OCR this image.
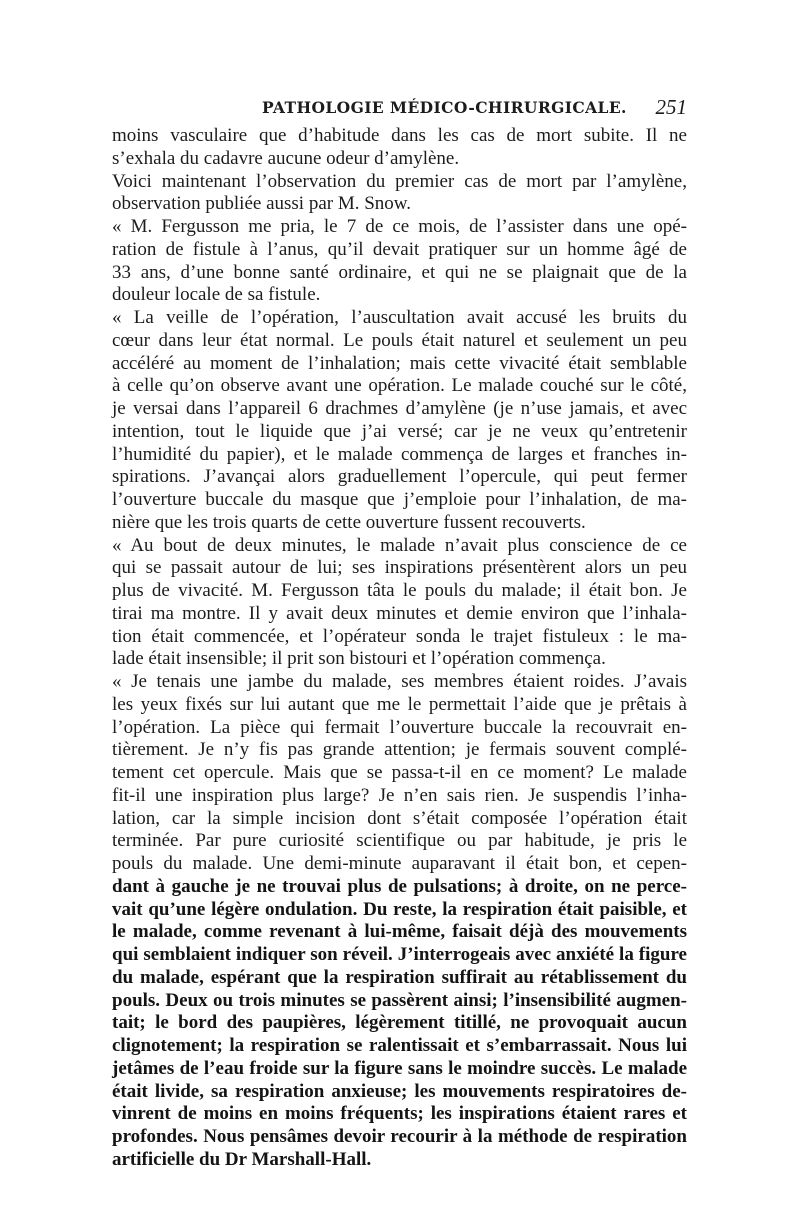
PATHOLOGIE MÉDICO-CHIRURGICALE. 251
moins vasculaire que d’habitude dans les cas de mort subite. Il ne
s’exhala du cadavre aucune odeur d’amylène.
Voici maintenant l’observation du premier cas de mort par l’amylène,
observation publiée aussi par M. Snow.
« M. Fergusson me pria, le 7 de ce mois, de l’assister dans une opé-
ration de fistule à l’anus, qu’il devait pratiquer sur un homme âgé de
33 ans, d’une bonne santé ordinaire, et qui ne se plaignait que de la
douleur locale de sa fistule.
« La veille de l’opération, l’auscultation avait accusé les bruits du
cœur dans leur état normal. Le pouls était naturel et seulement un peu
accéléré au moment de l’inhalation; mais cette vivacité était semblable
à celle qu’on observe avant une opération. Le malade couché sur le côté,
je versai dans l’appareil 6 drachmes d’amylène (je n’use jamais, et avec
intention, tout le liquide que j’ai versé; car je ne veux qu’entretenir
l’humidité du papier), et le malade commença de larges et franches in-
spirations. J’avançai alors graduellement l’opercule, qui peut fermer
l’ouverture buccale du masque que j’emploie pour l’inhalation, de ma-
nière que les trois quarts de cette ouverture fussent recouverts.
« Au bout de deux minutes, le malade n’avait plus conscience de ce
qui se passait autour de lui; ses inspirations présentèrent alors un peu
plus de vivacité. M. Fergusson tâta le pouls du malade; il était bon. Je
tirai ma montre. Il y avait deux minutes et demie environ que l’inhala-
tion était commencée, et l’opérateur sonda le trajet fistuleux : le ma-
lade était insensible; il prit son bistouri et l’opération commença.
« Je tenais une jambe du malade, ses membres étaient roides. J’avais
les yeux fixés sur lui autant que me le permettait l’aide que je prêtais à
l’opération. La pièce qui fermait l’ouverture buccale la recouvrait en-
tièrement. Je n’y fis pas grande attention; je fermais souvent complé-
tement cet opercule. Mais que se passa-t-il en ce moment? Le malade
fit-il une inspiration plus large? Je n’en sais rien. Je suspendis l’inha-
lation, car la simple incision dont s’était composée l’opération était
terminée. Par pure curiosité scientifique ou par habitude, je pris le
pouls du malade. Une demi-minute auparavant il était bon, et cepen-
dant à gauche je ne trouvai plus de pulsations; à droite, on ne perce-
vait qu’une légère ondulation. Du reste, la respiration était paisible, et
le malade, comme revenant à lui-même, faisait déjà des mouvements
qui semblaient indiquer son réveil. J’interrogeais avec anxiété la figure
du malade, espérant que la respiration suffirait au rétablissement du
pouls. Deux ou trois minutes se passèrent ainsi; l’insensibilité augmen-
tait; le bord des paupières, légèrement titillé, ne provoquait aucun
clignotement; la respiration se ralentissait et s’embarrassait. Nous lui
jetâmes de l’eau froide sur la figure sans le moindre succès. Le malade
était livide, sa respiration anxieuse; les mouvements respiratoires de-
vinrent de moins en moins fréquents; les inspirations étaient rares et
profondes. Nous pensâmes devoir recourir à la méthode de respiration
artificielle du Dr Marshall-Hall.
